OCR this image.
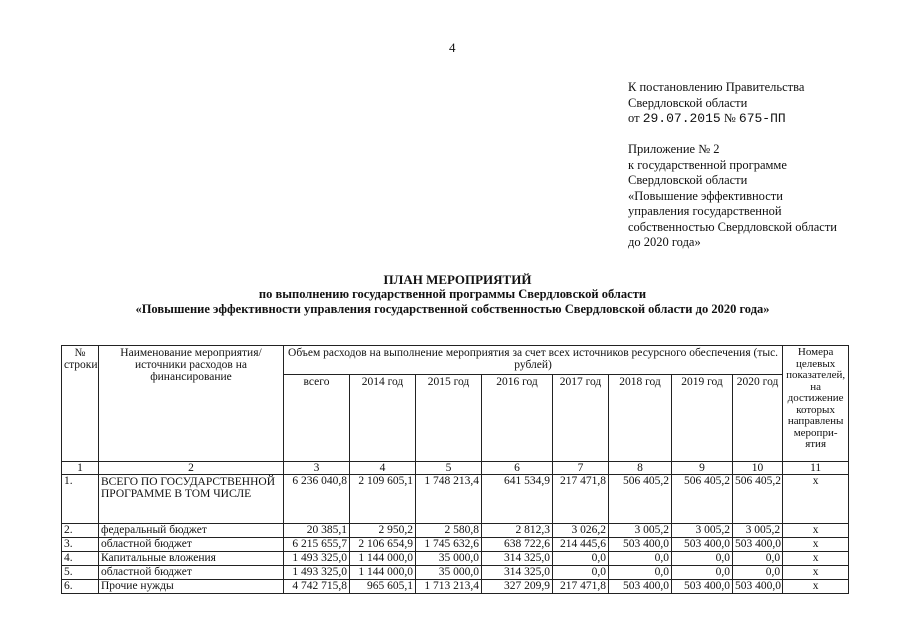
4
К постановлению Правительства
Свердловской области
от 29.07.2015 № 675-ПП
Приложение № 2
к государственной программе
Свердловской области
«Повышение эффективности
управления государственной
собственностью Свердловской области
до 2020 года»
ПЛАН МЕРОПРИЯТИЙ
по выполнению государственной программы Свердловской области
«Повышение эффективности управления государственной собственностью Свердловской области до 2020 года»
№ строки	Наименование мероприятия/ источники расходов на финансирование	Объем расходов на выполнение мероприятия за счет всех источников ресурсного обеспечения (тыс. рублей)								Номера целевых показателей, на достижение которых направлены меропри-ятия
		всего	2014 год	2015 год	2016 год	2017 год	2018 год	2019 год	2020 год	
1	2	3	4	5	6	7	8	9	10	11
1.	ВСЕГО ПО ГОСУДАРСТВЕННОЙ ПРОГРАММЕ В ТОМ ЧИСЛЕ	6 236 040,8	2 109 605,1	1 748 213,4	641 534,9	217 471,8	506 405,2	506 405,2	506 405,2	х
2.	федеральный бюджет	20 385,1	2 950,2	2 580,8	2 812,3	3 026,2	3 005,2	3 005,2	3 005,2	х
3.	областной бюджет	6 215 655,7	2 106 654,9	1 745 632,6	638 722,6	214 445,6	503 400,0	503 400,0	503 400,0	х
4.	Капитальные вложения	1 493 325,0	1 144 000,0	35 000,0	314 325,0	0,0	0,0	0,0	0,0	х
5.	областной бюджет	1 493 325,0	1 144 000,0	35 000,0	314 325,0	0,0	0,0	0,0	0,0	х
6.	Прочие нужды	4 742 715,8	965 605,1	1 713 213,4	327 209,9	217 471,8	503 400,0	503 400,0	503 400,0	х
